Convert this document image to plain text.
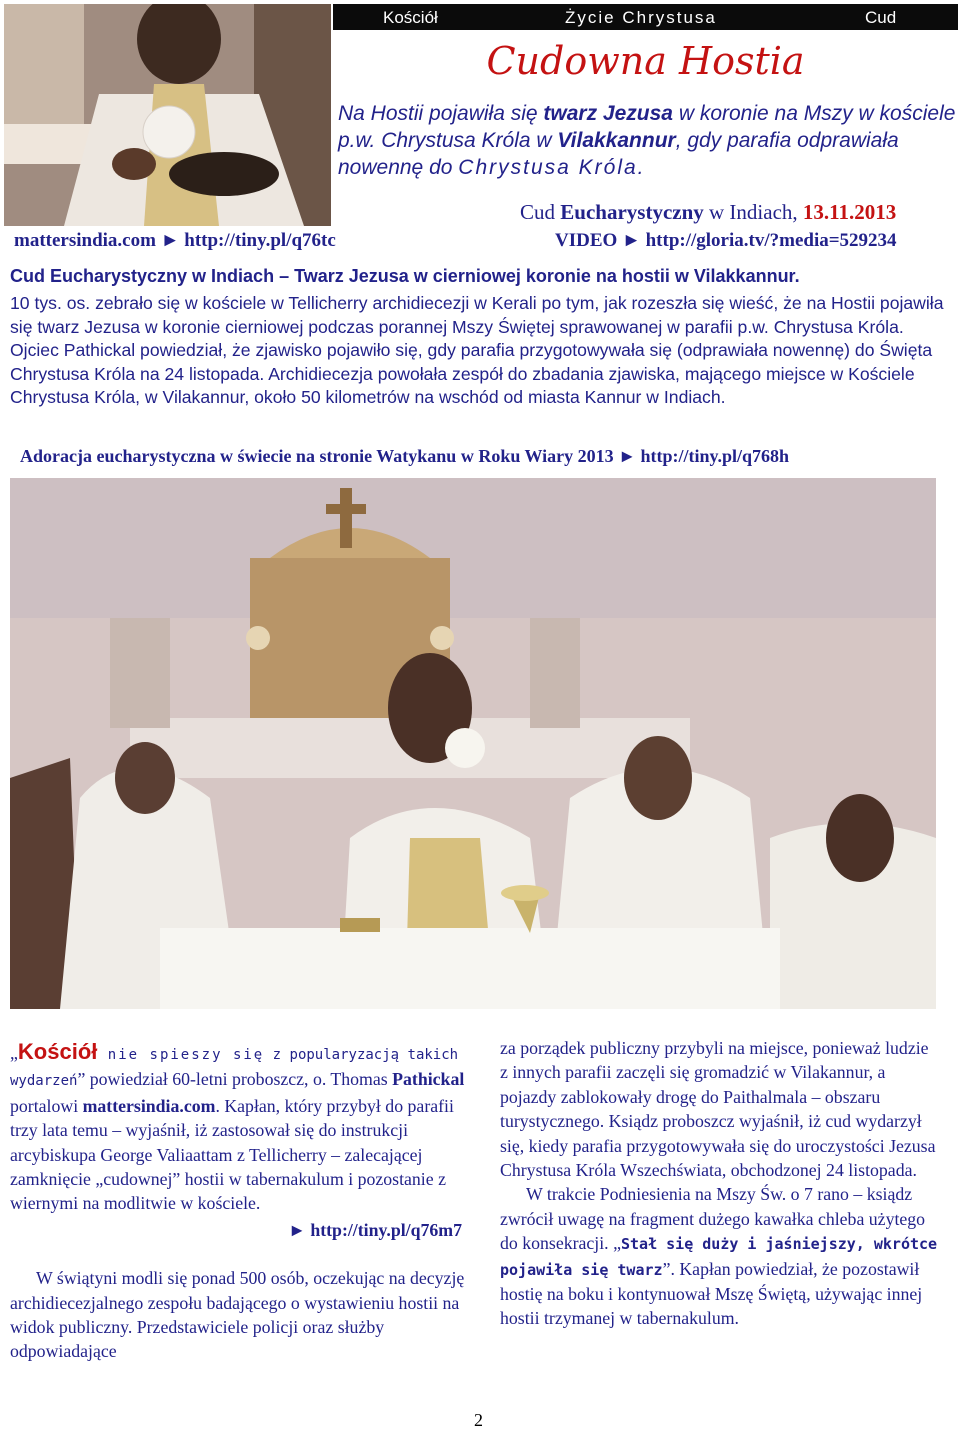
Kościół	Życie Chrystusa	Cud
Cudowna Hostia
Na Hostii pojawiła się twarz Jezusa w koronie na Mszy w kościele p.w. Chrystusa Króla w Vilakkannur, gdy parafia odprawiała nowennę do Chrystusa Króla.
Cud Eucharystyczny w Indiach, 13.11.2013
mattersindia.com ► http://tiny.pl/q76tc	VIDEO ► http://gloria.tv/?media=529234
Cud Eucharystyczny w Indiach – Twarz Jezusa w cierniowej koronie na hostii w Vilakkannur.
10 tys. os. zebrało się w kościele w Tellicherry archidiecezji w Kerali po tym, jak rozeszła się wieść, że na Hostii pojawiła się twarz Jezusa w koronie cierniowej podczas porannej Mszy Świętej sprawowanej w parafii p.w. Chrystusa Króla. Ojciec Pathickal powiedział, że zjawisko pojawiło się, gdy parafia przygotowywała się (odprawiała nowennę) do Święta Chrystusa Króla na 24 listopada. Archidiecezja powołała zespół do zbadania zjawiska, mającego miejsce w Kościele Chrystusa Króla, w Vilakannur, około 50 kilometrów na wschód od miasta Kannur w Indiach.
Adoracja eucharystyczna w świecie na stronie Watykanu w Roku Wiary 2013 ► http://tiny.pl/q768h

„Kościół nie spieszy się z popularyzacją takich wydarzeń” powiedział 60-letni proboszcz, o. Thomas Pathickal portalowi mattersindia.com. Kapłan, który przybył do parafii trzy lata temu – wyjaśnił, iż zastosował się do instrukcji arcybiskupa George Valiaattam z Tellicherry – zalecającej zamknięcie „cudownej” hostii w tabernakulum i pozostanie z wiernymi na modlitwie w kościele.

► http://tiny.pl/q76m7

W świątyni modli się ponad 500 osób, oczekując na decyzję archidiecezjalnego zespołu badającego o wystawieniu hostii na widok publiczny. Przedstawiciele policji oraz służby odpowiadające

za porządek publiczny przybyli na miejsce, ponieważ ludzie z innych parafii zaczęli się gromadzić w Vilakannur, a pojazdy zablokowały drogę do Paithalmala – obszaru turystycznego. Ksiądz proboszcz wyjaśnił, iż cud wydarzył się, kiedy parafia przygotowywała się do uroczystości Jezusa Chrystusa Króla Wszechświata, obchodzonej 24 listopada.

W trakcie Podniesienia na Mszy Św. o 7 rano – ksiądz zwrócił uwagę na fragment dużego kawałka chleba użytego do konsekracji. „Stał się duży i jaśniejszy, wkrótce pojawiła się twarz”. Kapłan powiedział, że pozostawił hostię na boku i kontynuował Mszę Świętą, używając innej hostii trzymanej w tabernakulum.

2
